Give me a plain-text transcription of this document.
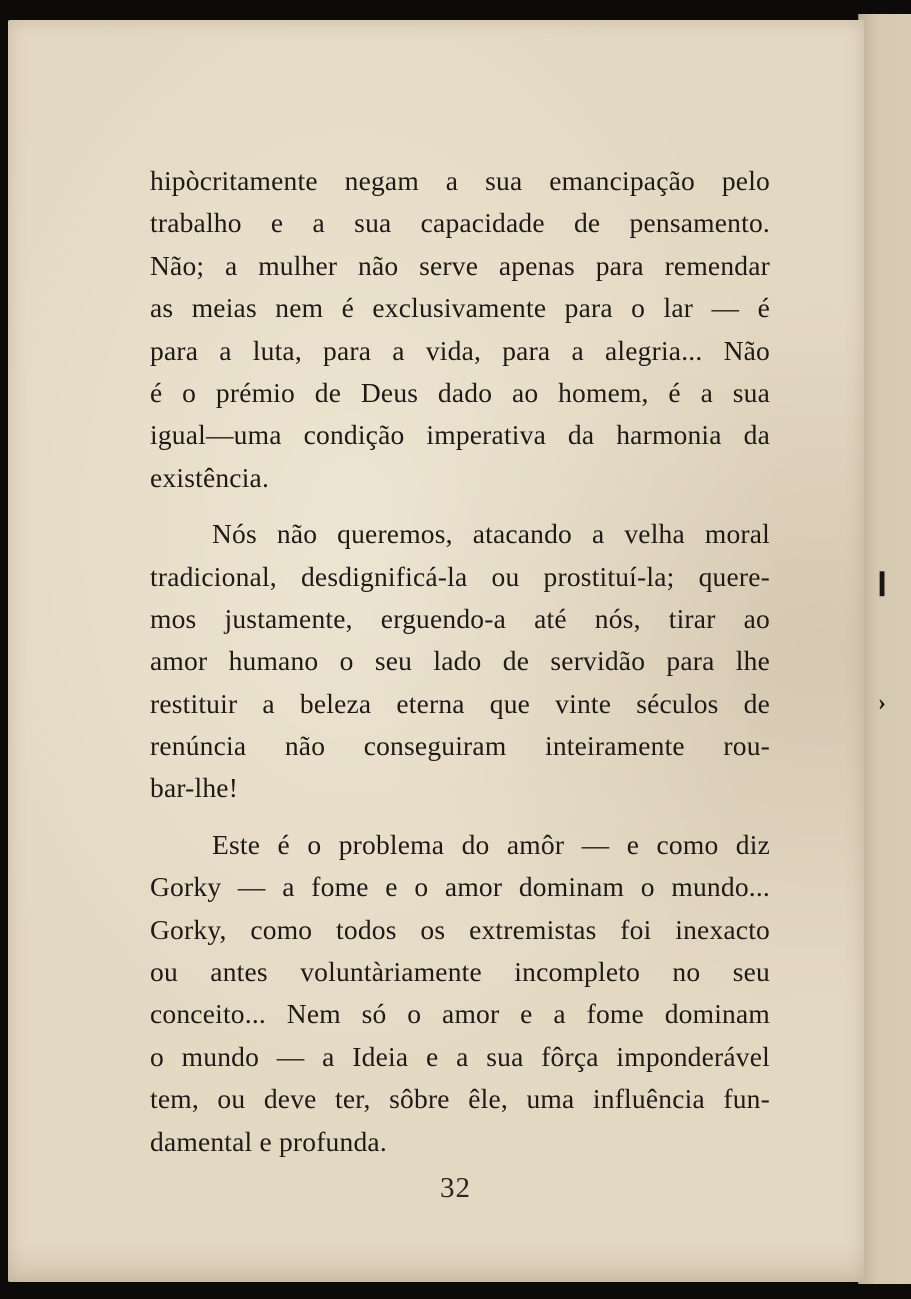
❙
›
hipòcritamente negam a sua emancipação pelo
trabalho e a sua capacidade de pensamento.
Não; a mulher não serve apenas para remendar
as meias nem é exclusivamente para o lar — é
para a luta, para a vida, para a alegria... Não
é o prémio de Deus dado ao homem, é a sua
igual—uma condição imperativa da harmonia da
existência.
Nós não queremos, atacando a velha moral
tradicional, desdignificá-la ou prostituí-la; quere-
mos justamente, erguendo-a até nós, tirar ao
amor humano o seu lado de servidão para lhe
restituir a beleza eterna que vinte séculos de
renúncia não conseguiram inteiramente rou-
bar-lhe!
Este é o problema do amôr — e como diz
Gorky — a fome e o amor dominam o mundo...
Gorky, como todos os extremistas foi inexacto
ou antes voluntàriamente incompleto no seu
conceito... Nem só o amor e a fome dominam
o mundo — a Ideia e a sua fôrça imponderável
tem, ou deve ter, sôbre êle, uma influência fun-
damental e profunda.
32
